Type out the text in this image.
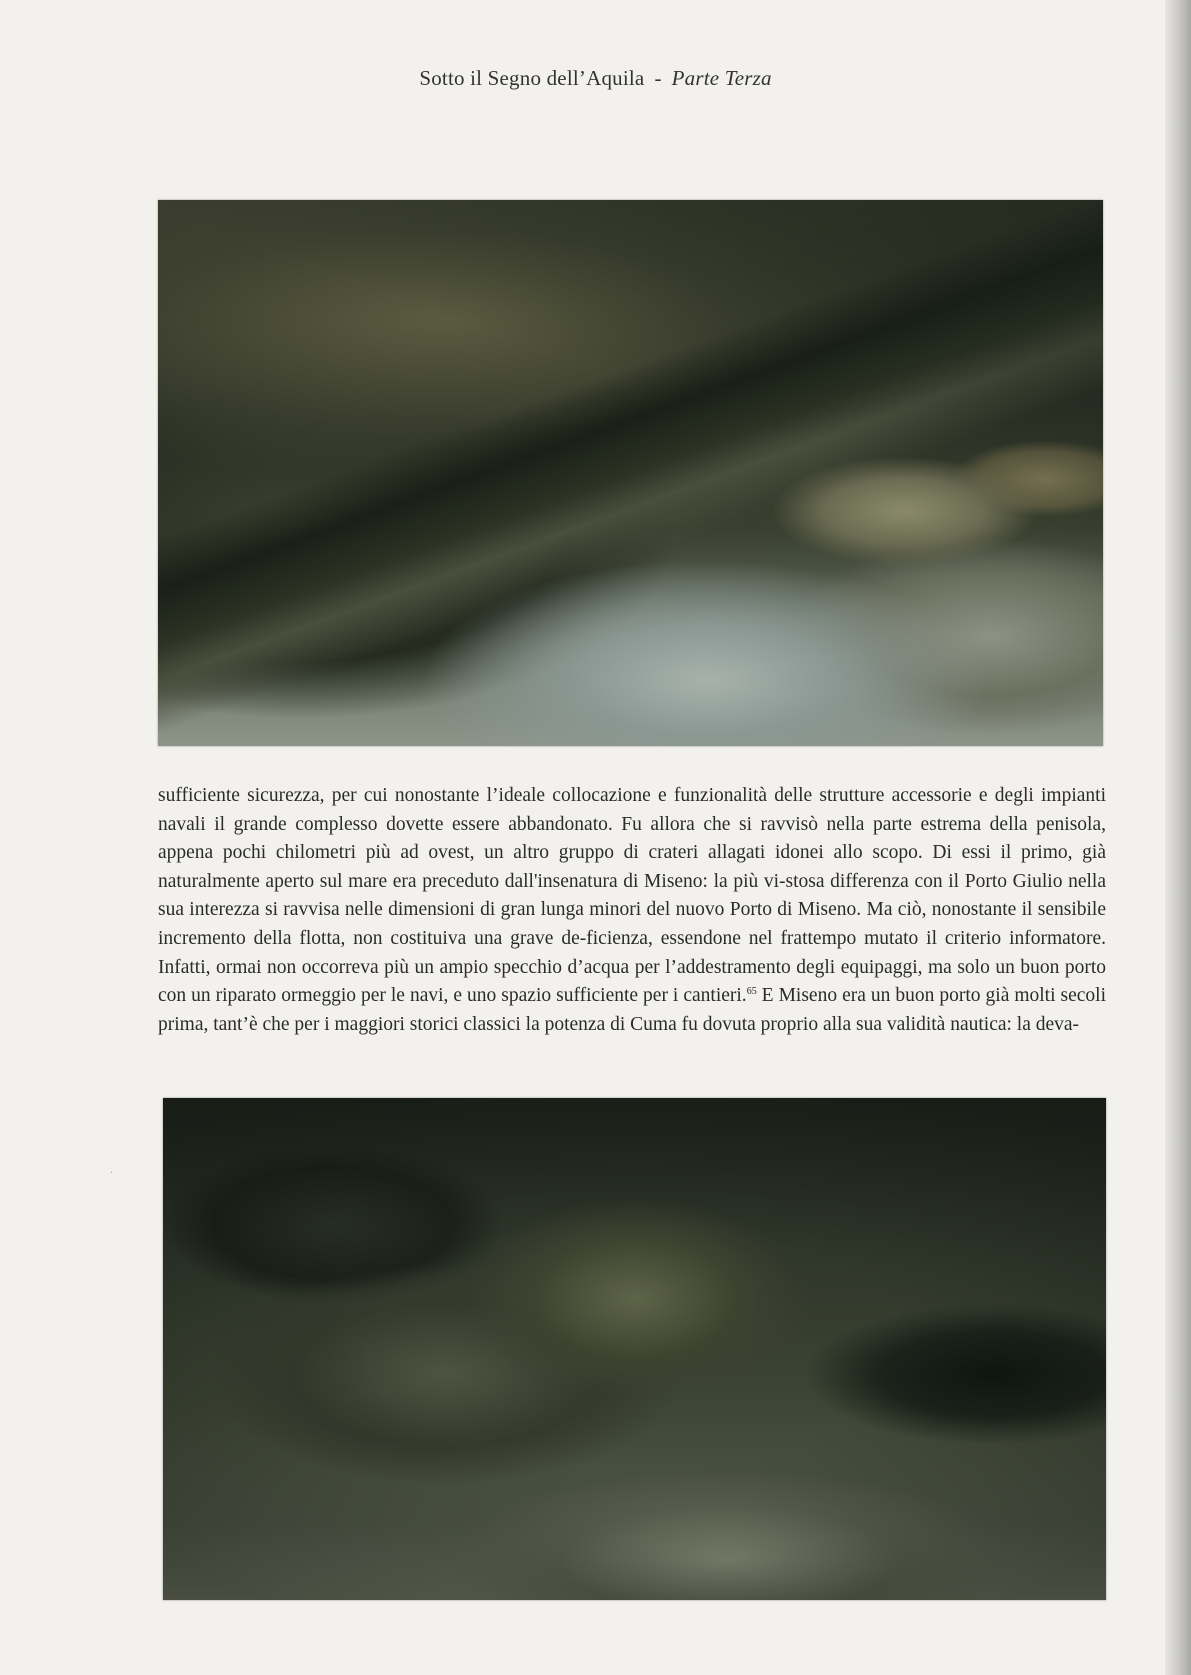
Sotto il Segno dell’Aquila - Parte Terza

sufficiente sicurezza, per cui nonostante l’ideale collocazione e funzionalità delle strutture accessorie e degli impianti navali il grande complesso dovette essere abbandonato. Fu allora che si ravvisò nella parte estrema della penisola, appena pochi chilometri più ad ovest, un altro gruppo di crateri allagati idonei allo scopo. Di essi il primo, già naturalmente aperto sul mare era preceduto dall'insenatura di Miseno: la più vi-stosa differenza con il Porto Giulio nella sua interezza si ravvisa nelle dimensioni di gran lunga minori del nuovo Porto di Miseno. Ma ciò, nonostante il sensibile incremento della flotta, non costituiva una grave de-ficienza, essendone nel frattempo mutato il criterio informatore. Infatti, ormai non occorreva più un ampio specchio d’acqua per l’addestramento degli equipaggi, ma solo un buon porto con un riparato ormeggio per le navi, e uno spazio sufficiente per i cantieri.$^{65}$ E Miseno era un buon porto già molti secoli prima, tant’è che per i maggiori storici classici la potenza di Cuma fu dovuta proprio alla sua validità nautica: la deva-

·
